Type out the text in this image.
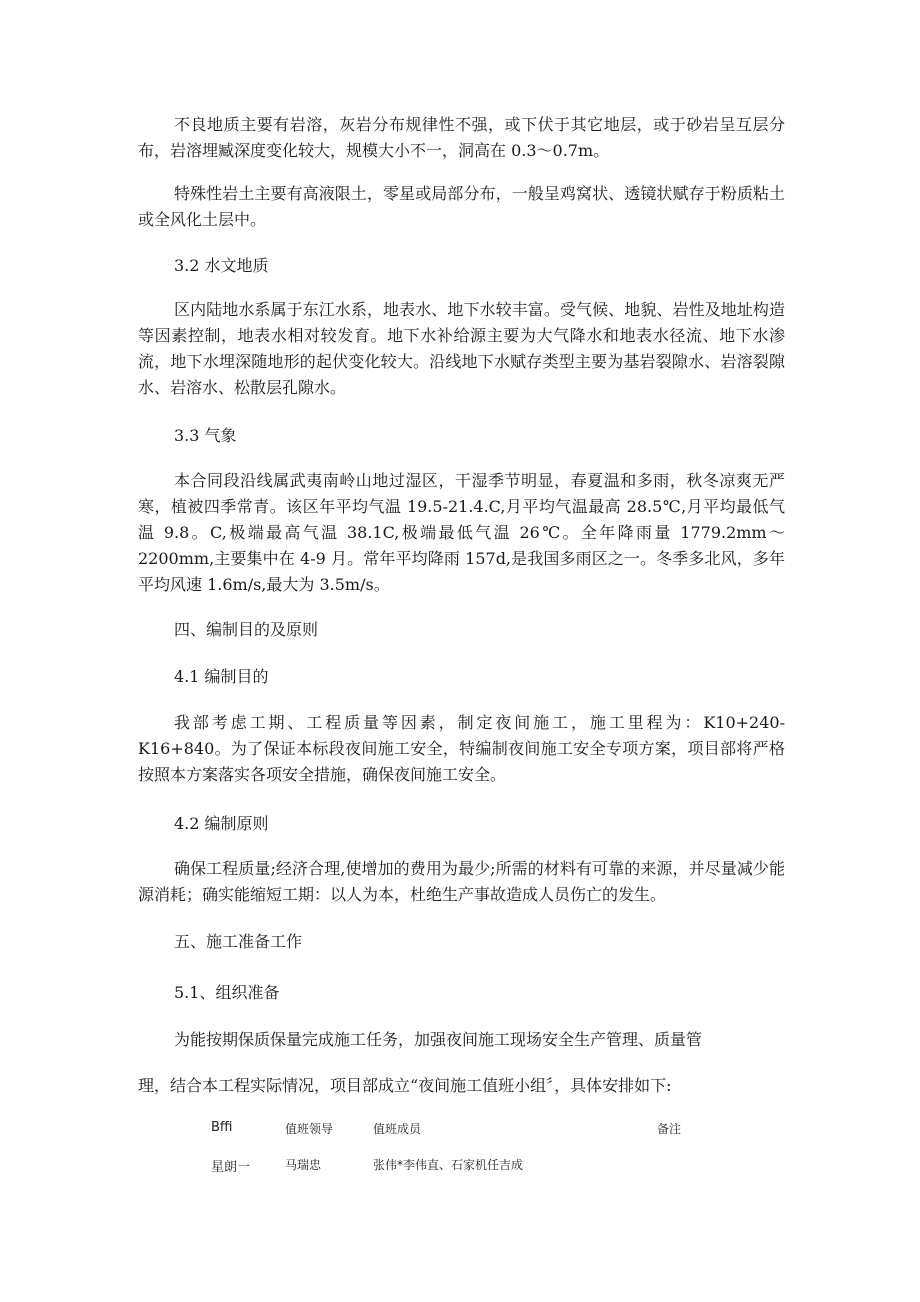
不良地质主要有岩溶，灰岩分布规律性不强，或下伏于其它地层，或于砂岩呈互层分布，岩溶埋臧深度变化较大，规模大小不一，洞高在 0.3～0.7m。

特殊性岩土主要有高液限土，零星或局部分布，一般呈鸡窝状、透镜状赋存于粉质粘土或全风化土层中。

3.2 水文地质

区内陆地水系属于东江水系，地表水、地下水较丰富。受气候、地貌、岩性及地址构造等因素控制，地表水相对较发育。地下水补给源主要为大气降水和地表水径流、地下水渗流，地下水埋深随地形的起伏变化较大。沿线地下水赋存类型主要为基岩裂隙水、岩溶裂隙水、岩溶水、松散层孔隙水。

3.3 气象

本合同段沿线属武夷南岭山地过湿区，干湿季节明显，春夏温和多雨，秋冬凉爽无严寒，植被四季常青。该区年平均气温 19.5-21.4.C,月平均气温最高 28.5℃,月平均最低气温 9.8。C,极端最高气温 38.1C,极端最低气温 26℃。全年降雨量 1779.2mm～2200mm,主要集中在 4-9 月。常年平均降雨 157d,是我国多雨区之一。冬季多北风，多年平均风速 1.6m/s,最大为 3.5m/s。

四、编制目的及原则

4.1 编制目的

我部考虑工期、工程质量等因素，制定夜间施工，施工里程为：K10+240-K16+840。为了保证本标段夜间施工安全，特编制夜间施工安全专项方案，项目部将严格按照本方案落实各项安全措施，确保夜间施工安全。

4.2 编制原则

确保工程质量;经济合理,使增加的费用为最少;所需的材料有可靠的来源，并尽量减少能源消耗；确实能缩短工期：以人为本，杜绝生产事故造成人员伤亡的发生。

五、施工准备工作

5.1、组织准备

为能按期保质保量完成施工任务，加强夜间施工现场安全生产管理、质量管

理，结合本工程实际情况，项目部成立“夜间施工值班小组〞，具体安排如下:

Bffi	值班领导	值班成员	备注
星朗一	马瑞忠	张伟*李伟直、石家机任吉成
